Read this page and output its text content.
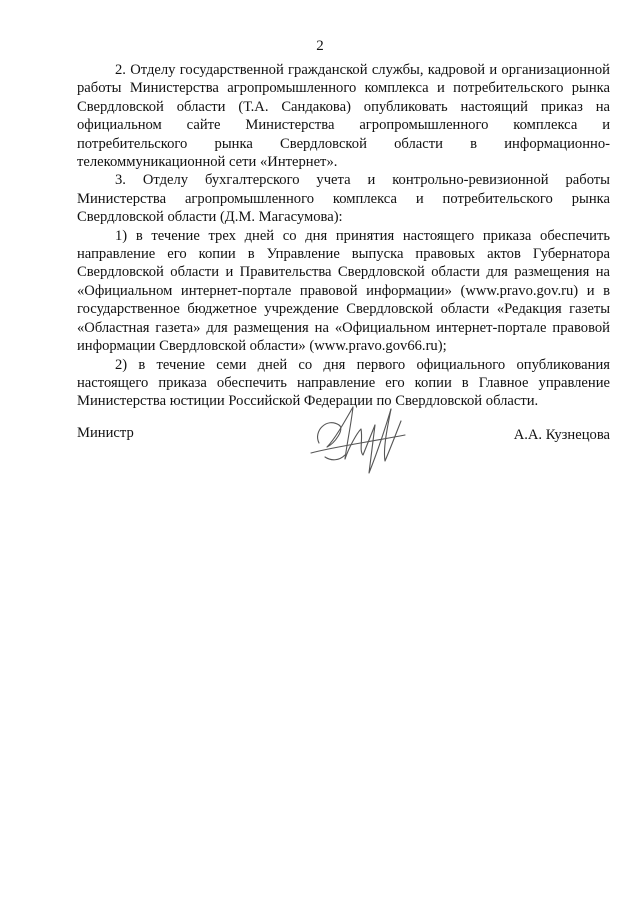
2

2. Отделу государственной гражданской службы, кадровой и организационной работы Министерства агропромышленного комплекса и потребительского рынка Свердловской области (Т.А. Сандакова) опубликовать настоящий приказ на официальном сайте Министерства агропромышленного комплекса и потребительского рынка Свердловской области в информационно-телекоммуникационной сети «Интернет».

3. Отделу бухгалтерского учета и контрольно-ревизионной работы Министерства агропромышленного комплекса и потребительского рынка Свердловской области (Д.М. Магасумова):

1) в течение трех дней со дня принятия настоящего приказа обеспечить направление его копии в Управление выпуска правовых актов Губернатора Свердловской области и Правительства Свердловской области для размещения на «Официальном интернет-портале правовой информации» (www.pravo.gov.ru) и в государственное бюджетное учреждение Свердловской области «Редакция газеты «Областная газета» для размещения на «Официальном интернет-портале правовой информации Свердловской области» (www.pravo.gov66.ru);

2) в течение семи дней со дня первого официального опубликования настоящего приказа обеспечить направление его копии в Главное управление Министерства юстиции Российской Федерации по Свердловской области.

Министр	А.А. Кузнецова
